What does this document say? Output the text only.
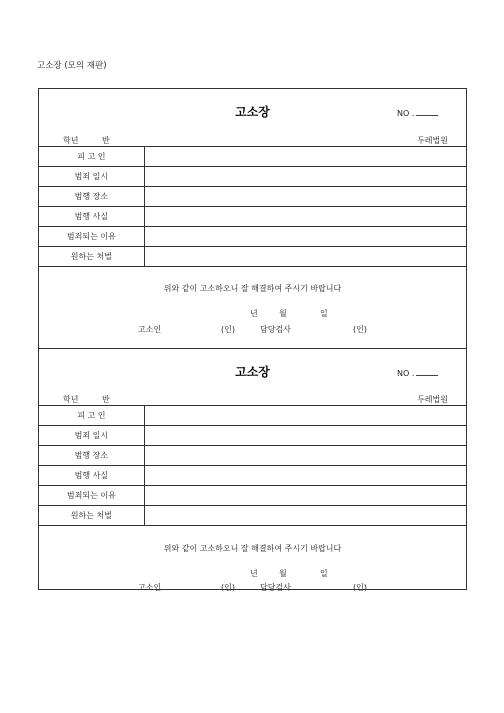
고소장 (모의 재판)
고소장	NO .
학년	반	두레법원
피 고 인	
범죄 일시	
범행 장소	
범행 사실	
범죄되는 이유	
원하는 처벌	
위와 같이 고소하오니 잘 해결하여 주시기 바랍니다
년	월	일
고소인	(인)	담당검사	(인)
고소장	NO .
학년	반	두레법원
피 고 인	
범죄 일시	
범행 장소	
범행 사실	
범죄되는 이유	
원하는 처벌	
위와 같이 고소하오니 잘 해결하여 주시기 바랍니다
년	월	일
고소인	(인)	담당검사	(인)
